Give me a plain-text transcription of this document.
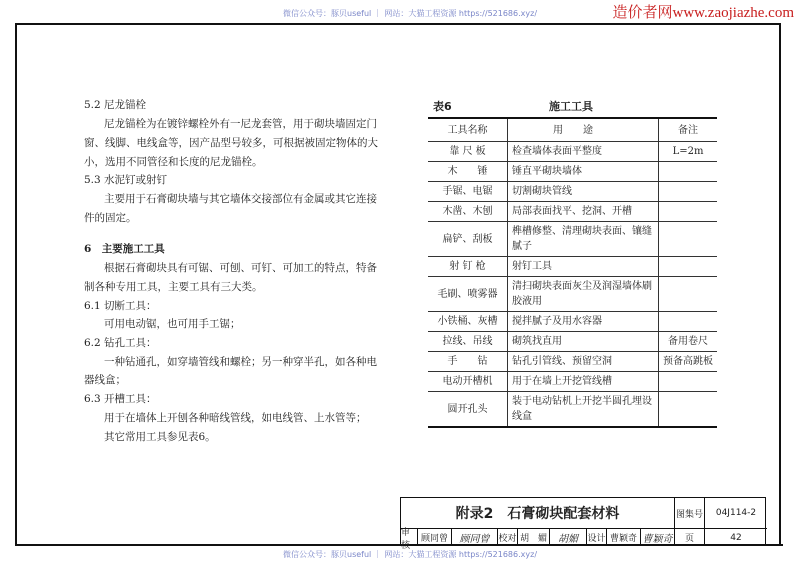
微信公众号：豚贝useful ｜ 网站：大猫工程资源 https://521686.xyz/	造价者网www.zaojiazhe.com
5.2 尼龙锚栓
尼龙锚栓为在镀锌螺栓外有一尼龙套管，用于砌块墙固定门
窗、线脚、电线盒等，因产品型号较多，可根据被固定物体的大
小，选用不同管径和长度的尼龙锚栓。
5.3 水泥钉或射钉
主要用于石膏砌块墙与其它墙体交接部位有金属或其它连接
件的固定。
6　主要施工工具
根据石膏砌块具有可锯、可刨、可钉、可加工的特点，特备
制各种专用工具，主要工具有三大类。
6.1 切断工具：
可用电动锯，也可用手工锯；
6.2 钻孔工具：
一种钻通孔，如穿墙管线和螺栓；另一种穿半孔，如各种电
器线盒；
6.3 开槽工具：
用于在墙体上开刨各种暗线管线，如电线管、上水管等；
其它常用工具参见表6。
表6	施工工具
工具名称	用途	备注
靠 尺 板	检查墙体表面平整度	L=2m
木　　锤	锤直平砌块墙体	
手锯、电锯	切割砌块管线	
木凿、木刨	局部表面找平、挖洞、开槽	
扁铲、刮板	榫槽修整、清理砌块表面、镶缝腻子	
射 钉 枪	射钉工具	
毛刷、喷雾器	清扫砌块表面灰尘及润湿墙体刷胶液用	
小铁桶、灰槽	搅拌腻子及用水容器	
拉线、吊线	砌筑找直用	备用卷尺
手　　钻	钻孔引管线、预留空洞	预备高跳板
电动开槽机	用于在墙上开挖管线槽	
圆开孔头	装于电动钻机上开挖半圆孔埋设线盒	
附录2　石膏砌块配套材料	图集号	04J114-2
审核
顾同曾	顾同曾 校对 胡　媚	胡媚	设计 曹颖奇 曹颖奇	页	42
微信公众号：豚贝useful ｜ 网站：大猫工程资源 https://521686.xyz/
